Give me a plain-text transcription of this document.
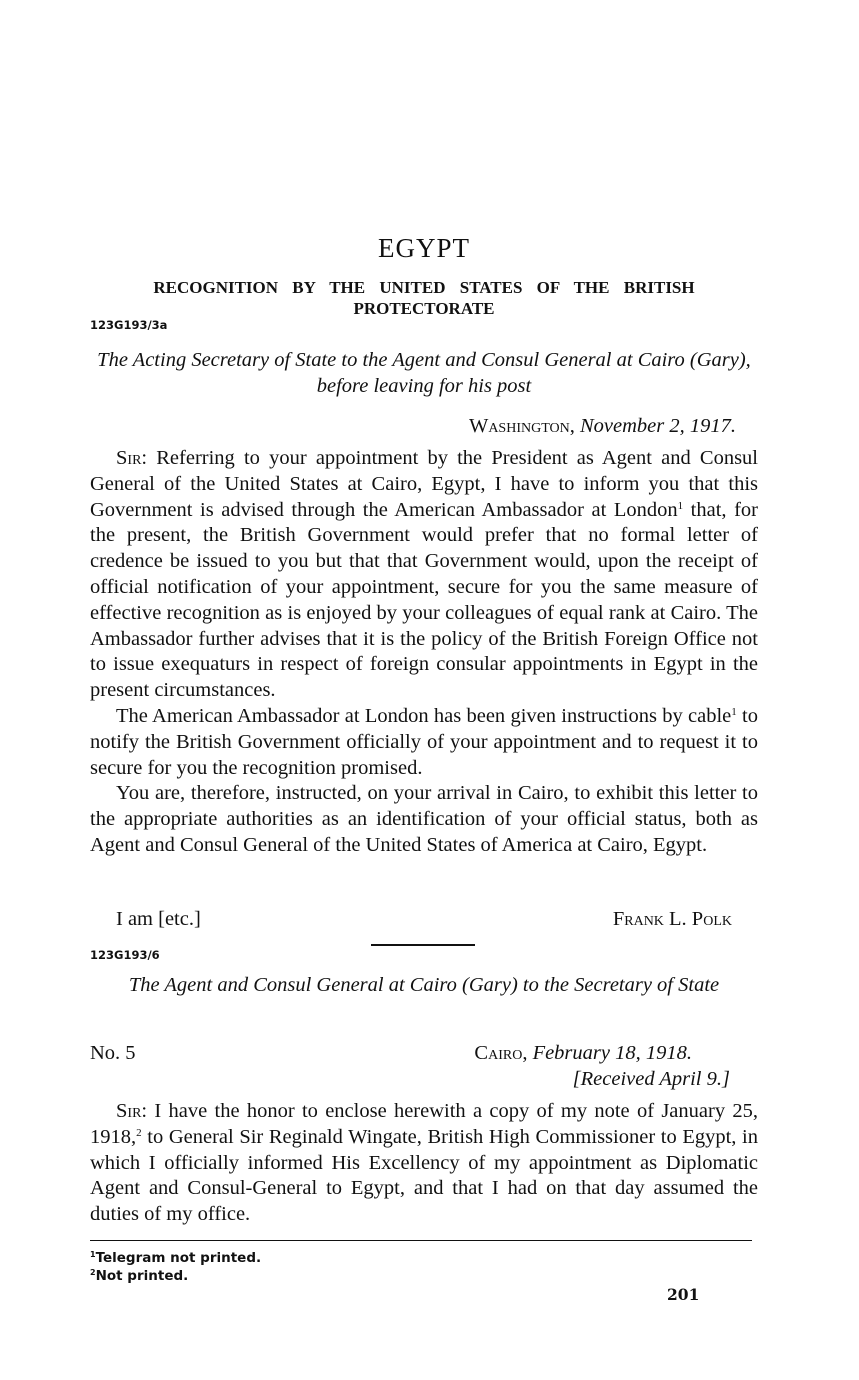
EGYPT
RECOGNITION BY THE UNITED STATES OF THE BRITISH PROTECTORATE
123G193/3a
The Acting Secretary of State to the Agent and Consul General at Cairo (Gary), before leaving for his post
Washington, November 2, 1917.

Sir: Referring to your appointment by the President as Agent and Consul General of the United States at Cairo, Egypt, I have to inform you that this Government is advised through the American Ambassador at London$^1$ that, for the present, the British Government would prefer that no formal letter of credence be issued to you but that that Government would, upon the receipt of official notification of your appointment, secure for you the same measure of effective recognition as is enjoyed by your colleagues of equal rank at Cairo. The Ambassador further advises that it is the policy of the British Foreign Office not to issue exequaturs in respect of foreign consular appointments in Egypt in the present circumstances.

The American Ambassador at London has been given instructions by cable$^1$ to notify the British Government officially of your appointment and to request it to secure for you the recognition promised.

You are, therefore, instructed, on your arrival in Cairo, to exhibit this letter to the appropriate authorities as an identification of your official status, both as Agent and Consul General of the United States of America at Cairo, Egypt.

I am [etc.]	Frank L. Polk
123G193/6
The Agent and Consul General at Cairo (Gary) to the Secretary of State
No. 5	Cairo, February 18, 1918.
[Received April 9.]

Sir: I have the honor to enclose herewith a copy of my note of January 25, 1918,$^2$ to General Sir Reginald Wingate, British High Commissioner to Egypt, in which I officially informed His Excellency of my appointment as Diplomatic Agent and Consul-General to Egypt, and that I had on that day assumed the duties of my office.

$^1$Telegram not printed.
$^2$Not printed.
201
